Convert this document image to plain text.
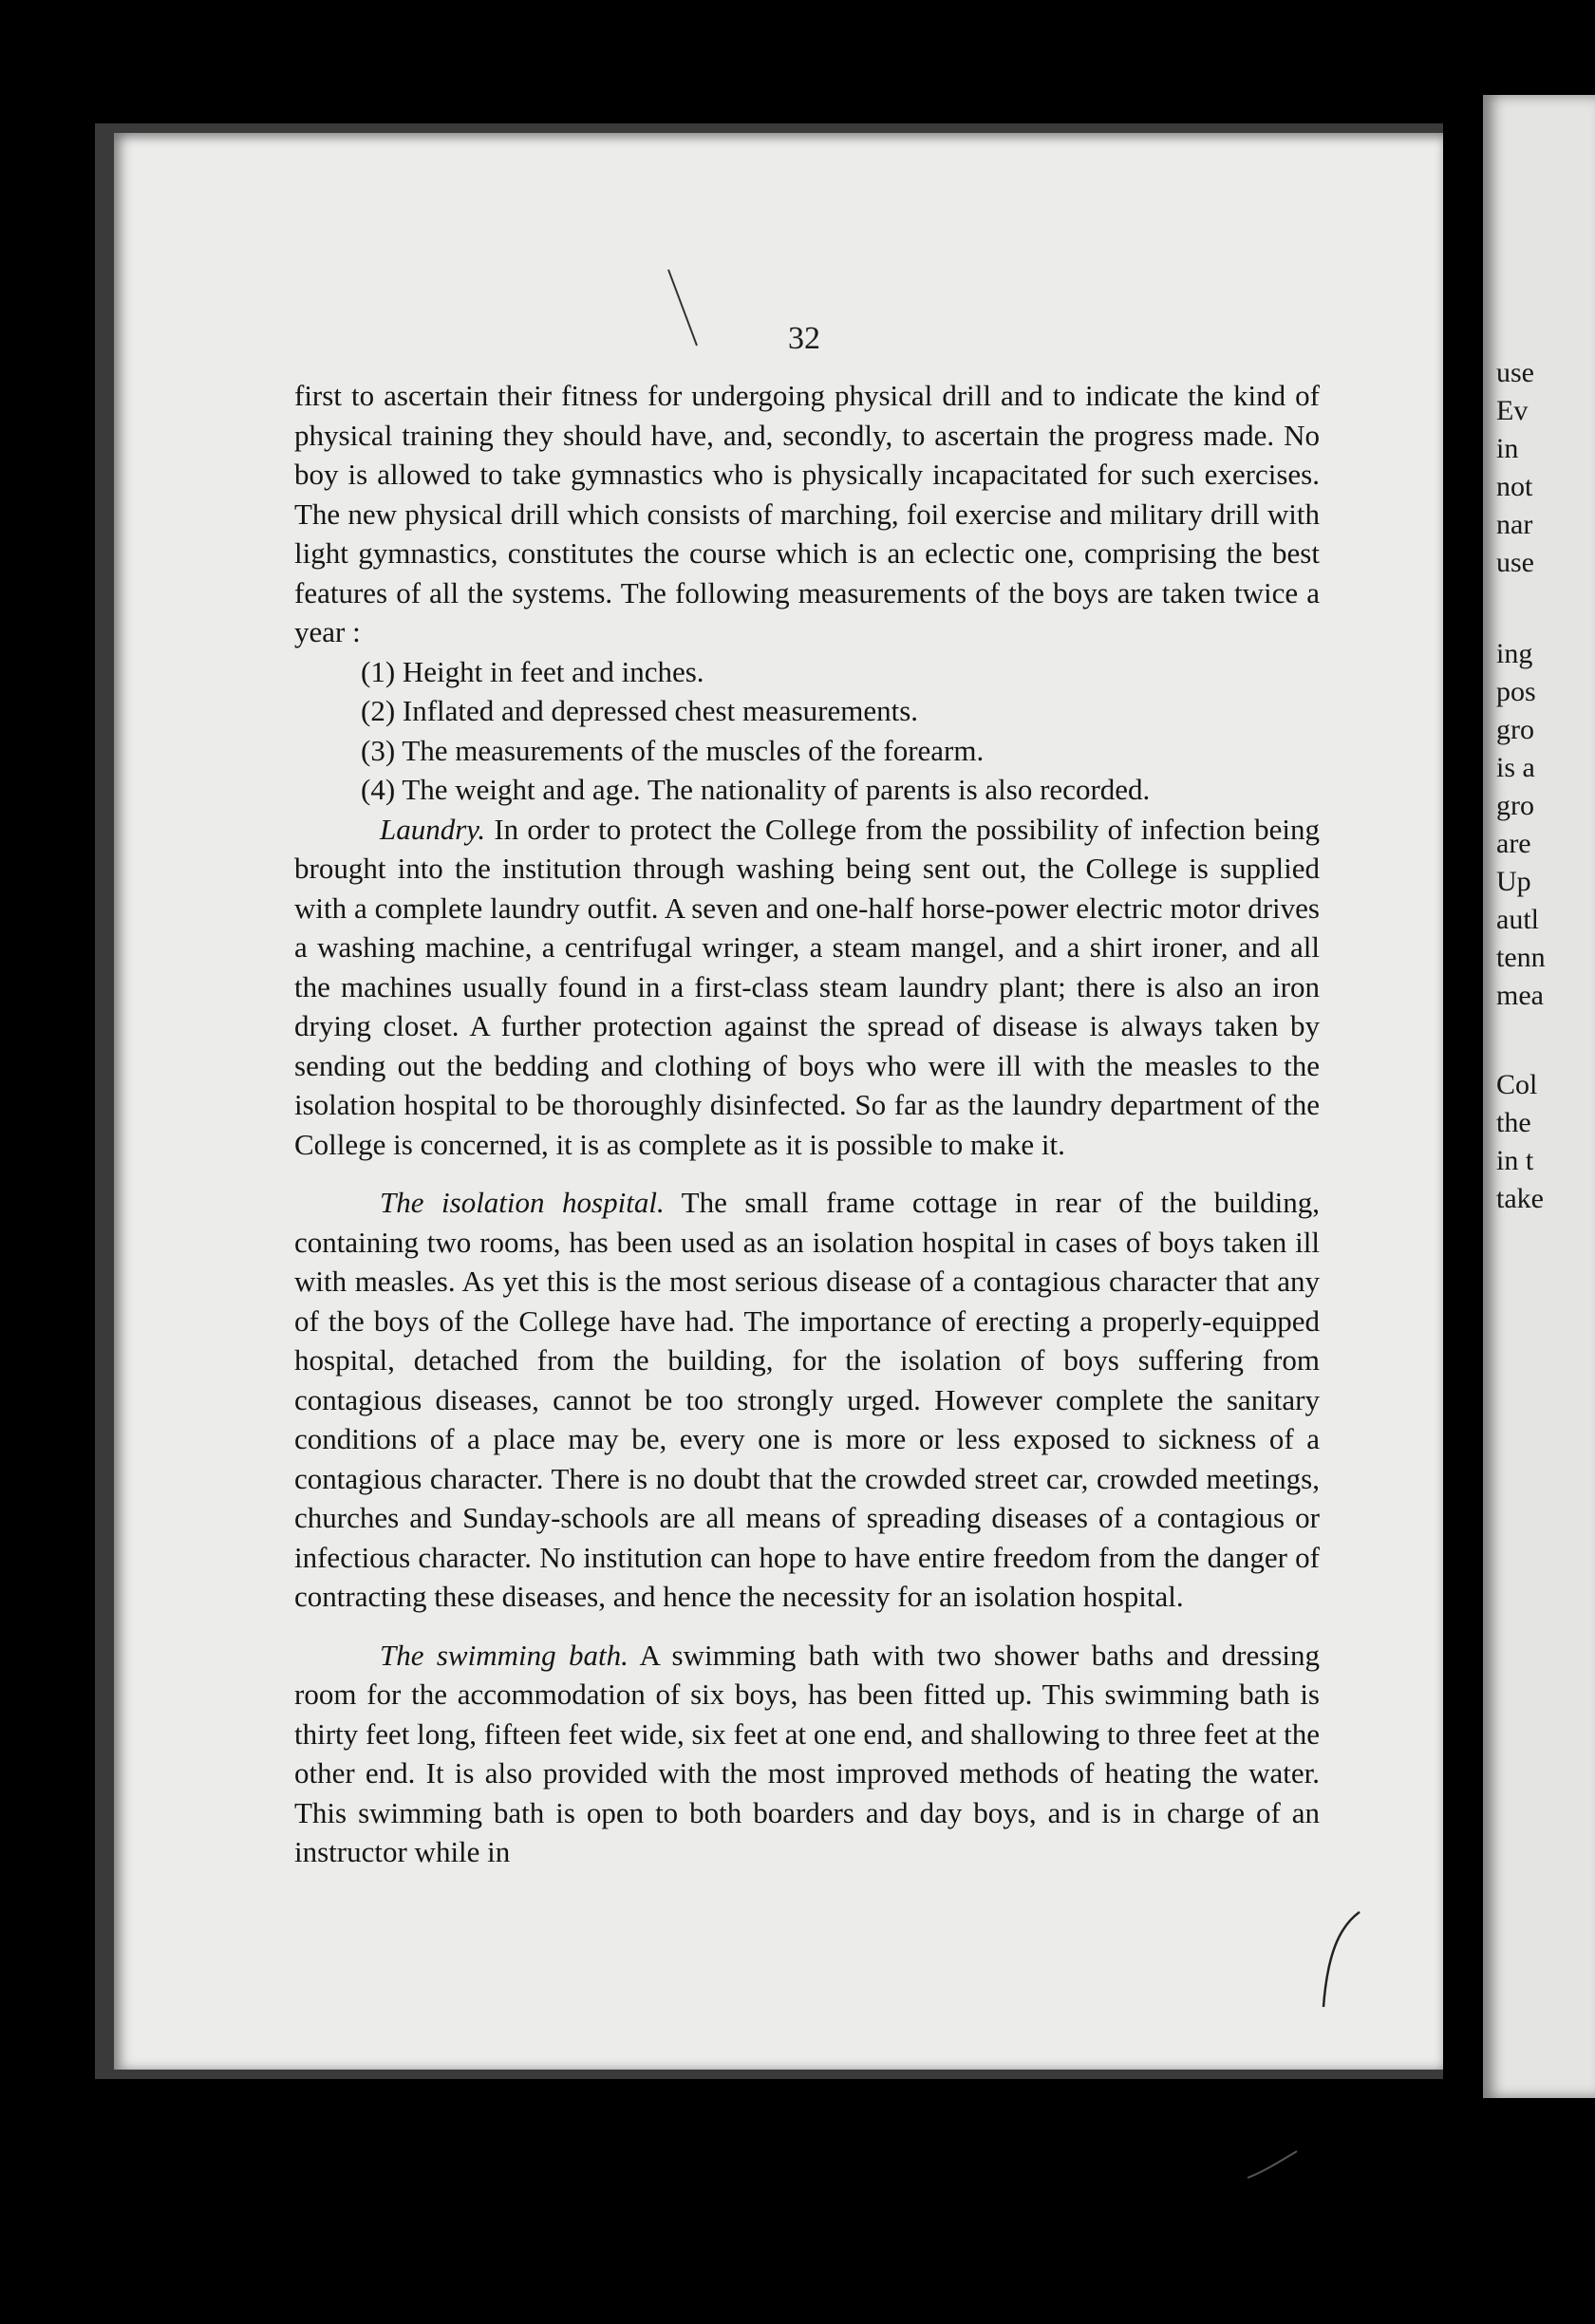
32

first to ascertain their fitness for undergoing physical drill and to indicate the kind of physical training they should have, and, secondly, to ascertain the progress made. No boy is allowed to take gymnastics who is physically incapacitated for such exercises. The new physical drill which consists of marching, foil exercise and military drill with light gymnastics, constitutes the course which is an eclectic one, comprising the best features of all the systems. The following measurements of the boys are taken twice a year :

(1) Height in feet and inches.
(2) Inflated and depressed chest measurements.
(3) The measurements of the muscles of the forearm.
(4) The weight and age. The nationality of parents is also recorded.

Laundry. In order to protect the College from the possibility of infection being brought into the institution through washing being sent out, the College is supplied with a complete laundry outfit. A seven and one-half horse-power electric motor drives a washing machine, a centrifugal wringer, a steam mangel, and a shirt ironer, and all the machines usually found in a first-class steam laundry plant; there is also an iron drying closet. A further protection against the spread of disease is always taken by sending out the bedding and clothing of boys who were ill with the measles to the isolation hospital to be thoroughly disinfected. So far as the laundry department of the College is concerned, it is as complete as it is possible to make it.

The isolation hospital. The small frame cottage in rear of the building, containing two rooms, has been used as an isolation hospital in cases of boys taken ill with measles. As yet this is the most serious disease of a contagious character that any of the boys of the College have had. The importance of erecting a properly-equipped hospital, detached from the building, for the isolation of boys suffering from contagious diseases, cannot be too strongly urged. However complete the sanitary conditions of a place may be, every one is more or less exposed to sickness of a contagious character. There is no doubt that the crowded street car, crowded meetings, churches and Sunday-schools are all means of spreading diseases of a contagious or infectious character. No institution can hope to have entire freedom from the danger of contracting these diseases, and hence the necessity for an isolation hospital.

The swimming bath. A swimming bath with two shower baths and dressing room for the accommodation of six boys, has been fitted up. This swimming bath is thirty feet long, fifteen feet wide, six feet at one end, and shallowing to three feet at the other end. It is also provided with the most improved methods of heating the water. This swimming bath is open to both boarders and day boys, and is in charge of an instructor while in

use
Ev
in
not
nar
use
ing
pos
gro
is a
gro
are
Up
autl
tenn
mea
Col
the
in t
take
